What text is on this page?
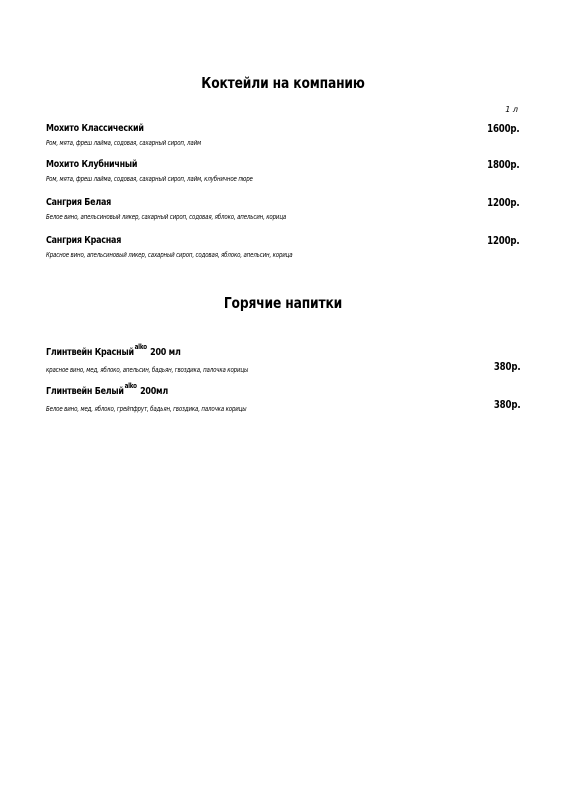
Коктейли на компанию
1 л
Мохито Классический	1600р.
Ром, мята, фреш лайма, содовая, сахарный сироп, лайм
Мохито Клубничный	1800р.
Ром, мята, фреш лайма, содовая, сахарный сироп, лайм, клубничное пюре
Сангрия Белая	1200р.
Белое вино, апельсиновый ликер, сахарный сироп, содовая, яблоко, апельсин, корица
Сангрия Красная	1200р.
Красное вино, апельсиновый ликер, сахарный сироп, содовая, яблоко, апельсин, корица
Горячие напитки
Глинтвейн Красный$^{alko}$ 200 мл
красное вино, мед, яблоко, апельсин, бадьян, гвоздика, палочка корицы	380р.
Глинтвейн Белый$^{alko}$ 200мл
Белое вино, мед, яблоко, грейпфрут, бадьян, гвоздика, палочка корицы	380р.
